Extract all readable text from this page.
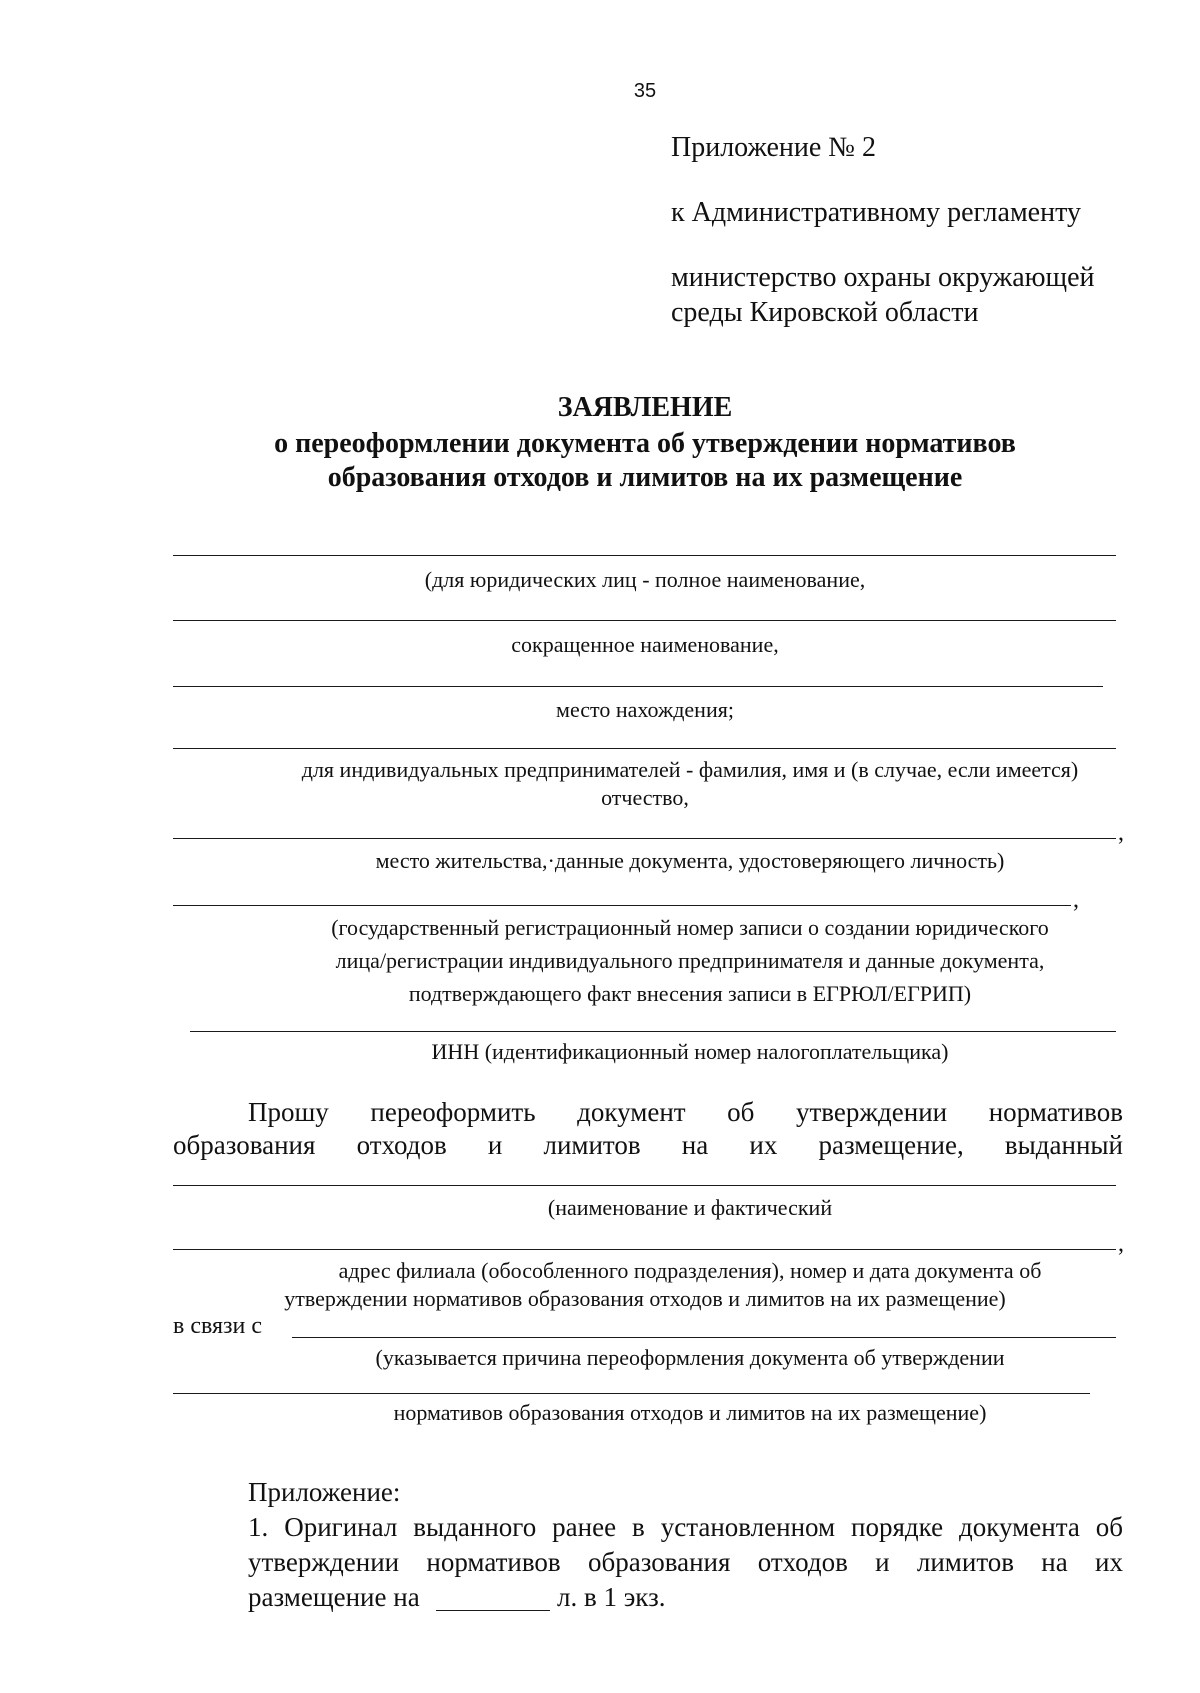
35
Приложение № 2
к Административному регламенту
министерство охраны окружающей
среды Кировской области
ЗАЯВЛЕНИЕ
о переоформлении документа об утверждении нормативов
образования отходов и лимитов на их размещение
(для юридических лиц - полное наименование,
сокращенное наименование,
место нахождения;
для индивидуальных предпринимателей - фамилия, имя и (в случае, если имеется)
отчество,
,
место жительства,·данные документа, удостоверяющего личность)
,
(государственный регистрационный номер записи о создании юридического
лица/регистрации индивидуального предпринимателя и данные документа,
подтверждающего факт внесения записи в ЕГРЮЛ/ЕГРИП)
ИНН (идентификационный номер налогоплательщика)
Прошу переоформить документ об утверждении нормативов
образования отходов и лимитов на их размещение, выданный
(наименование и фактический
,
адрес филиала (обособленного подразделения), номер и дата документа об
утверждении нормативов образования отходов и лимитов на их размещение)
в связи с
(указывается причина переоформления документа об утверждении
нормативов образования отходов и лимитов на их размещение)
Приложение:
1. Оригинал выданного ранее в установленном порядке документа об
утверждении нормативов образования отходов и лимитов на их
размещение на	л. в 1 экз.
